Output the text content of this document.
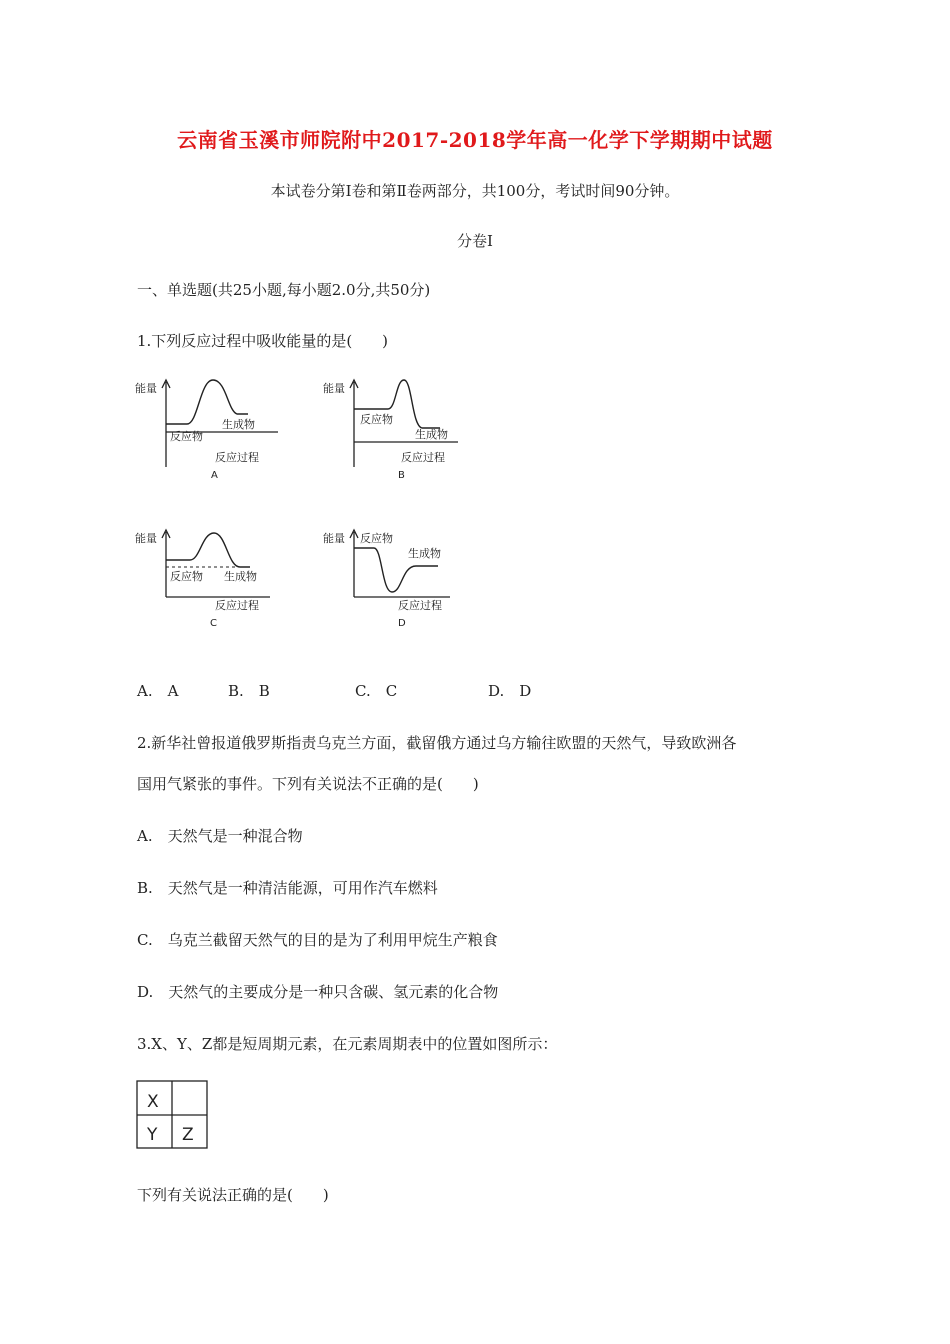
云南省玉溪市师院附中2017-2018学年高一化学下学期期中试题
本试卷分第Ⅰ卷和第Ⅱ卷两部分，共100分，考试时间90分钟。
分卷I
一、单选题(共25小题,每小题2.0分,共50分)
1.下列反应过程中吸收能量的是(　　)
能量
反应物
生成物
反应过程
A
能量
反应物
生成物
反应过程
B
能量
反应物 生成物
反应过程
C
能量 反应物
生成物
反应过程
D
A.　A	B.　B	C.　C	D.　D
2.新华社曾报道俄罗斯指责乌克兰方面，截留俄方通过乌方输往欧盟的天然气，导致欧洲各
国用气紧张的事件。下列有关说法不正确的是(　　)
A.　天然气是一种混合物
B.　天然气是一种清洁能源，可用作汽车燃料
C.　乌克兰截留天然气的目的是为了利用甲烷生产粮食
D.　天然气的主要成分是一种只含碳、氢元素的化合物
3.X、Y、Z都是短周期元素，在元素周期表中的位置如图所示：
X
Y Z
下列有关说法正确的是(　　)
